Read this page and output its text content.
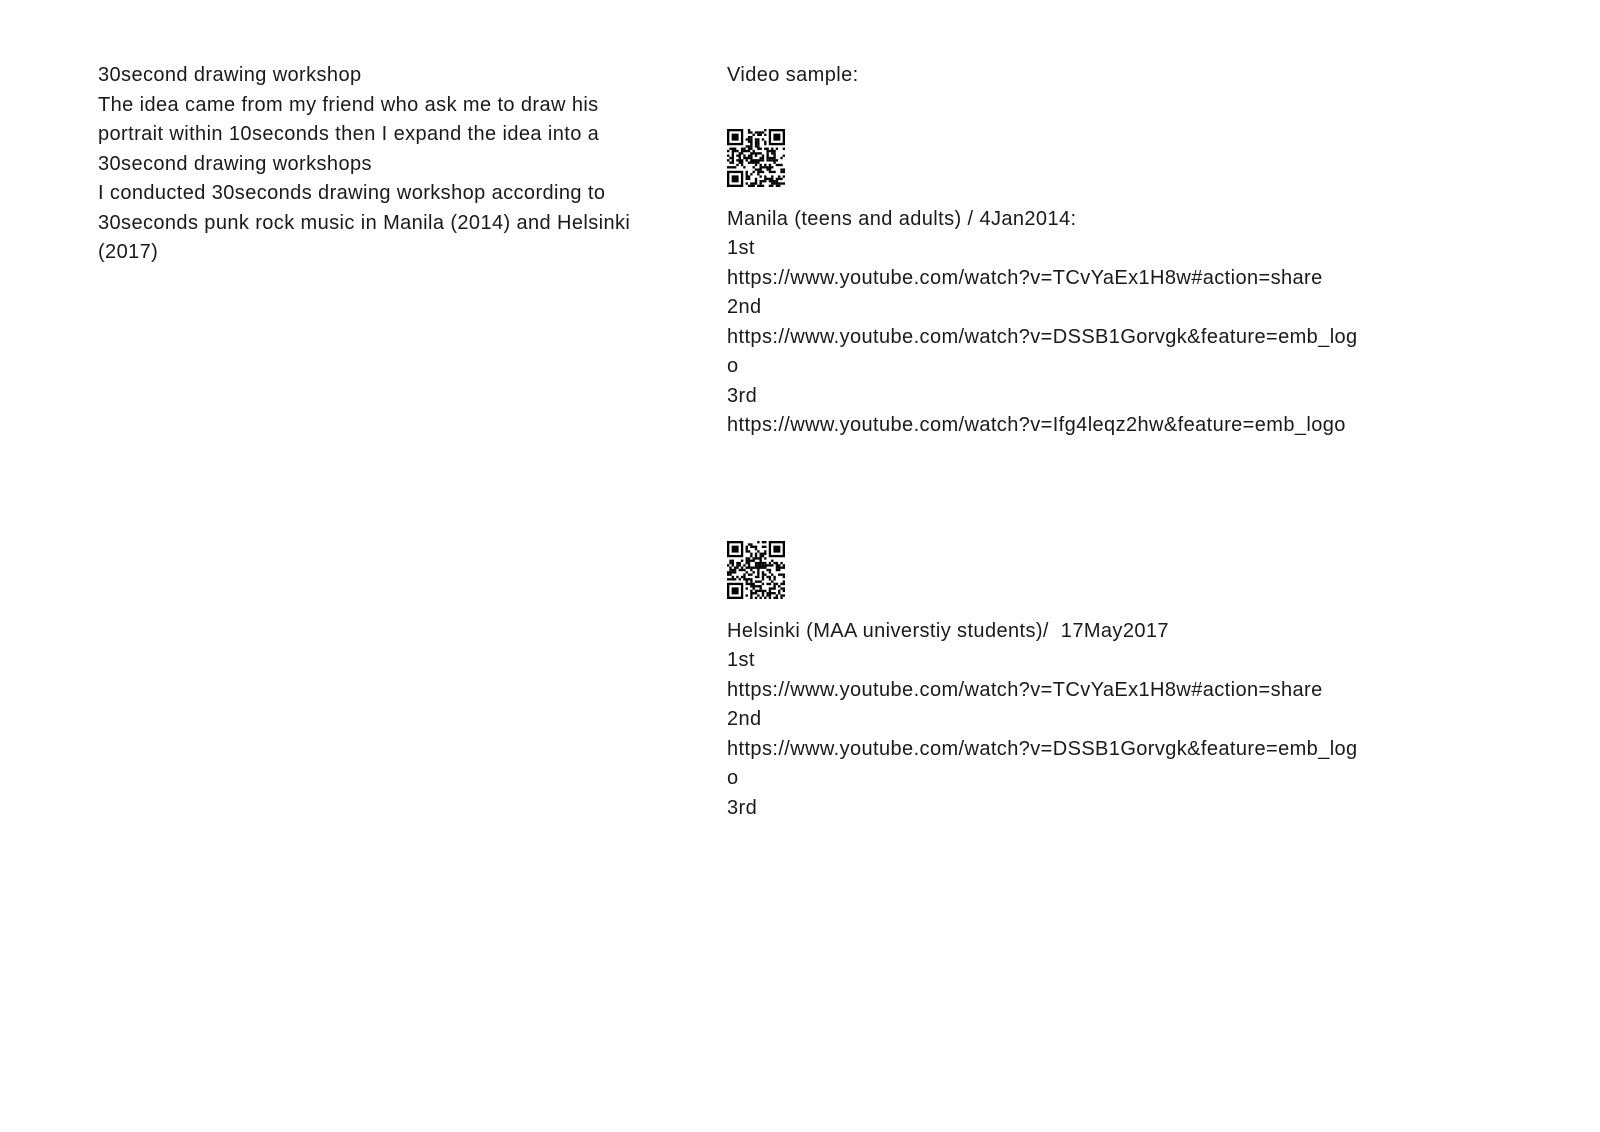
30second drawing workshop
The idea came from my friend who ask me to draw his
portrait within 10seconds then I expand the idea into a
30second drawing workshops
I conducted 30seconds drawing workshop according to
30seconds punk rock music in Manila (2014) and Helsinki
(2017)
Video sample:
Manila (teens and adults) / 4Jan2014:
1st
https://www.youtube.com/watch?v=TCvYaEx1H8w#action=share
2nd
https://www.youtube.com/watch?v=DSSB1Gorvgk&feature=emb_log
o
3rd
https://www.youtube.com/watch?v=Ifg4leqz2hw&feature=emb_logo
Helsinki (MAA universtiy students)/  17May2017
1st
https://www.youtube.com/watch?v=TCvYaEx1H8w#action=share
2nd
https://www.youtube.com/watch?v=DSSB1Gorvgk&feature=emb_log
o
3rd
